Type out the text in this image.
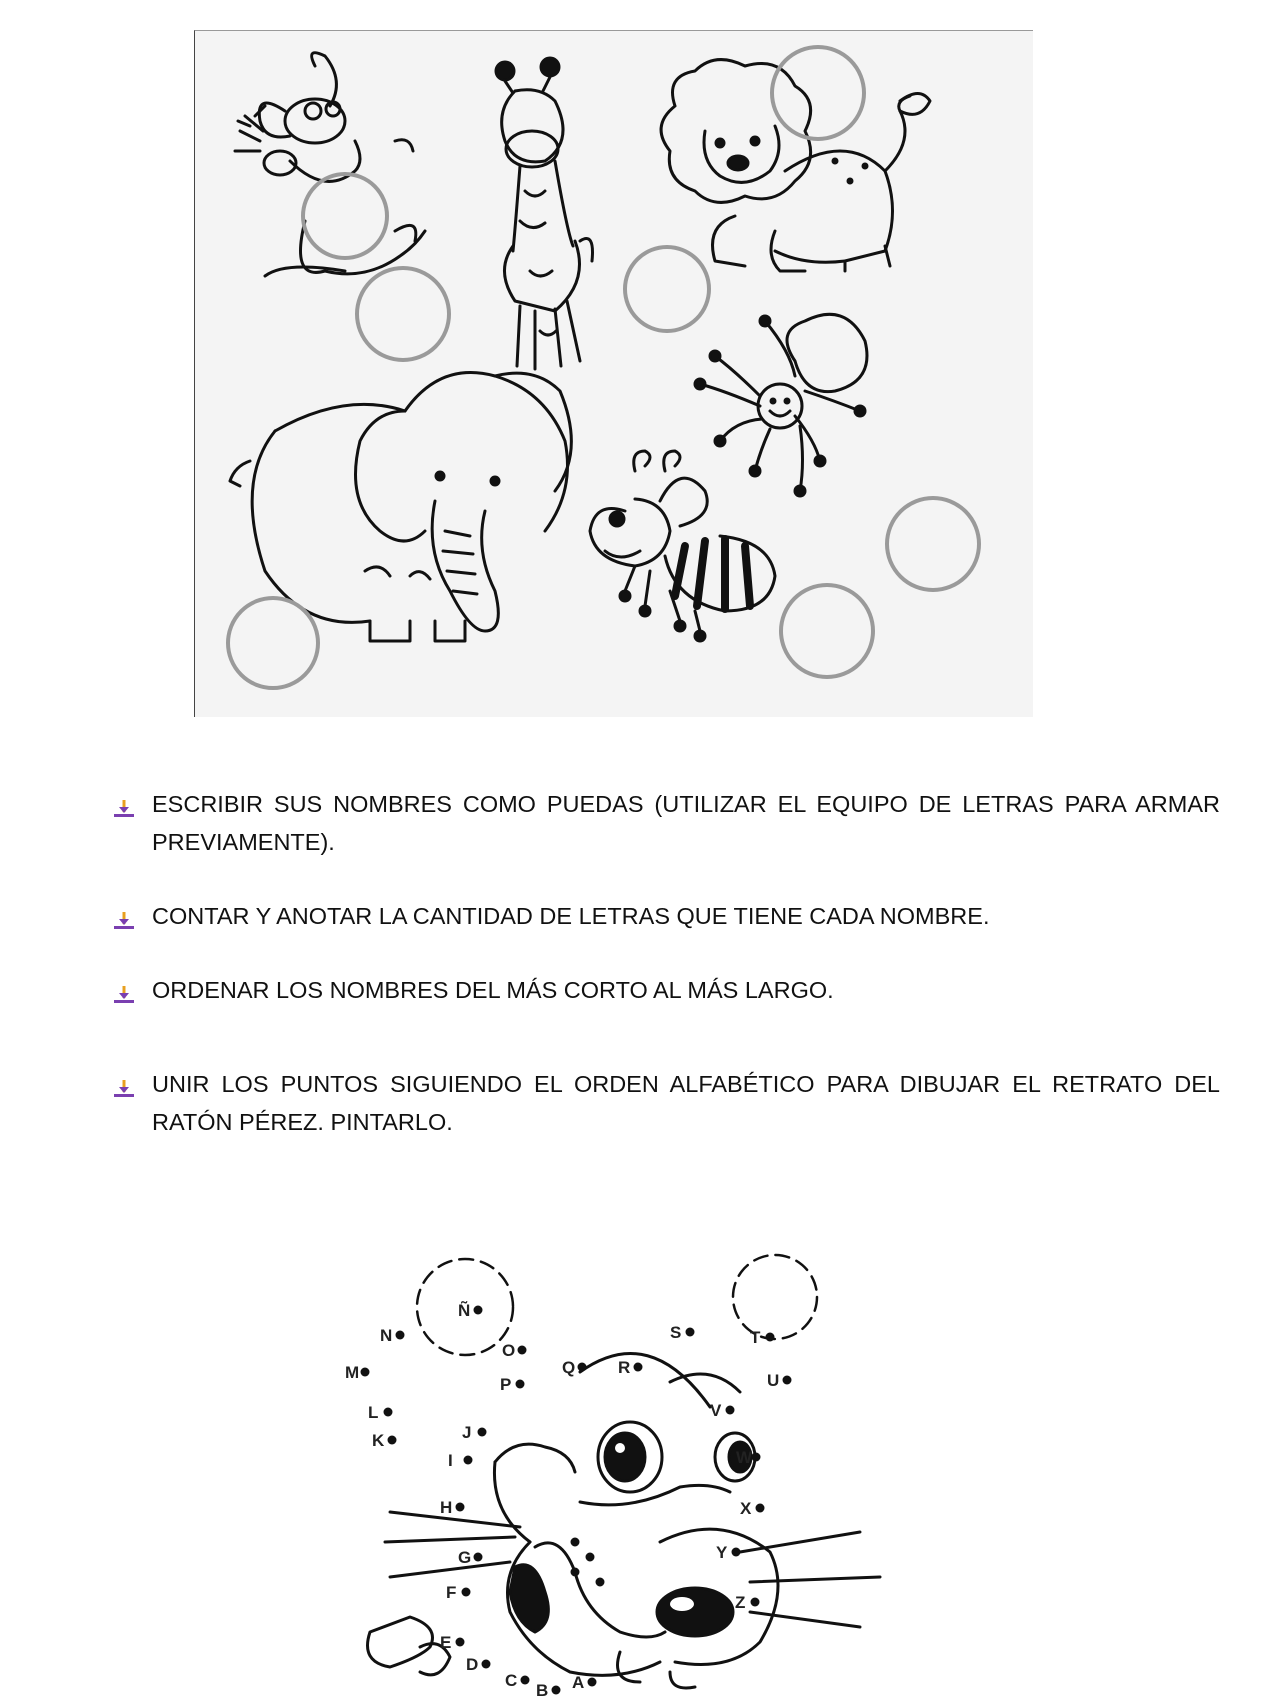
ESCRIBIR SUS NOMBRES COMO PUEDAS (UTILIZAR EL EQUIPO DE LETRAS PARA ARMAR PREVIAMENTE).
CONTAR Y ANOTAR LA CANTIDAD DE LETRAS QUE TIENE CADA NOMBRE.
ORDENAR LOS NOMBRES DEL MÁS CORTO AL MÁS LARGO.
UNIR LOS PUNTOS SIGUIENDO EL ORDEN ALFABÉTICO PARA DIBUJAR EL RETRATO DEL RATÓN PÉREZ. PINTARLO.
A
B
C
D
E
F
G
H
I
J
K
L
M
N
Ñ
O
P
Q	R
S	T
U
V
W
X
Y
Z
